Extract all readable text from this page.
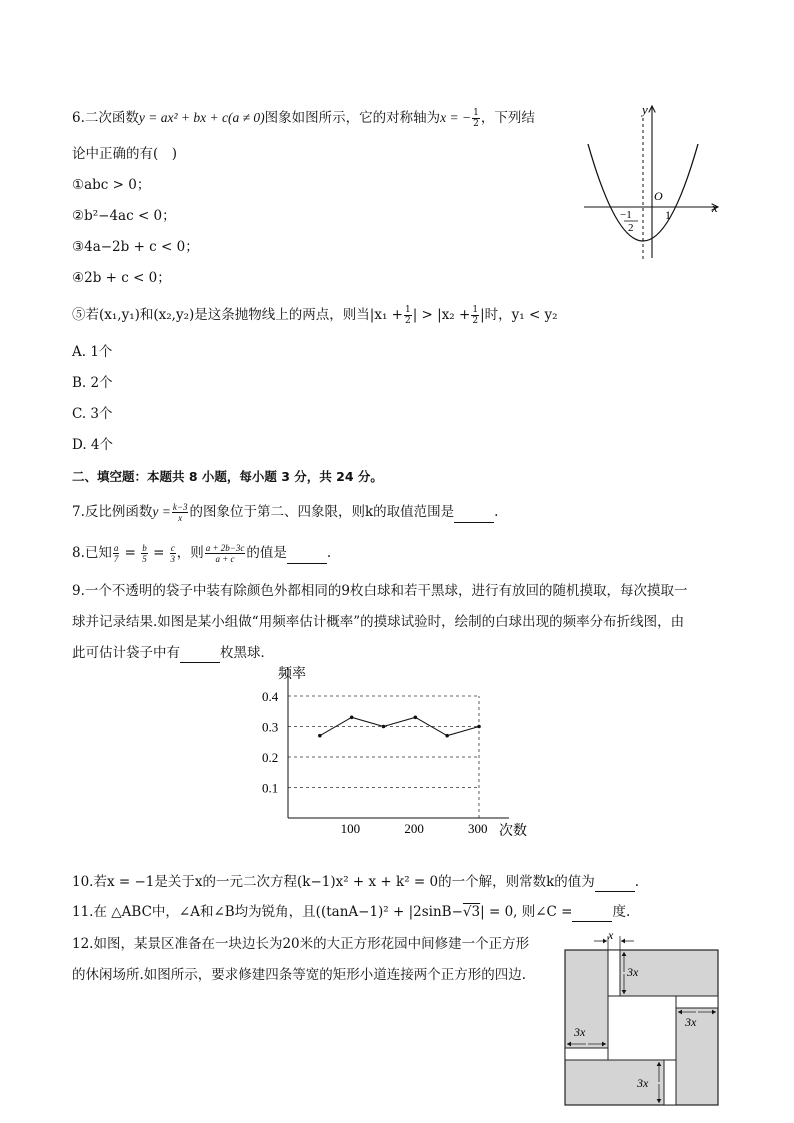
6.二次函数y = ax² + bx + c(a ≠ 0)图象如图所示，它的对称轴为x = − $\frac{1}{2}$ ，下列结
论中正确的有(　)
①abc > 0；
②b²−4ac < 0；
③4a−2b + c < 0；
④2b + c < 0；
⑤若(x₁,y₁)和(x₂,y₂)是这条抛物线上的两点，则当$|x_1 + \frac{1}{2}$ | > $|x_2 + \frac{1}{2}$ |时，y₁ < y₂
A. 1个
B. 2个
C. 3个
D. 4个
y
x
O
1
−1
2
二、填空题：本题共 8 小题，每小题 3 分，共 24 分。
7.反比例函数$y = \frac{k-3}{x}$ 的图象位于第二、四象限，则k的取值范围是	.
8.已知 $\frac{a}{7} = \frac{b}{5} = \frac{c}{3}$ ，则 $\frac{a + 2b-3c}{a + c}$ 的值是	.
9.一个不透明的袋子中装有除颜色外都相同的9枚白球和若干黑球，进行有放回的随机摸取，每次摸取一
球并记录结果.如图是某小组做“用频率估计概率”的摸球试验时，绘制的白球出现的频率分布折线图，由
此可估计袋子中有	枚黑球．
0.1
0.2
0.3
0.4
100	200	300
频率
次数
10.若x = −1是关于x的一元二次方程(k−1)x² + x + k² = 0的一个解，则常数k的值为	.
11.在 △ABC中，∠A和∠B均为锐角，且((tanA−1)² + |2sinB−√3| = 0, 则∠C =	度.
12.如图，某景区准备在一块边长为20米的大正方形花园中间修建一个正方形
的休闲场所.如图所示，要求修建四条等宽的矩形小道连接两个正方形的四边.
x
3x
3x
3x
3x
